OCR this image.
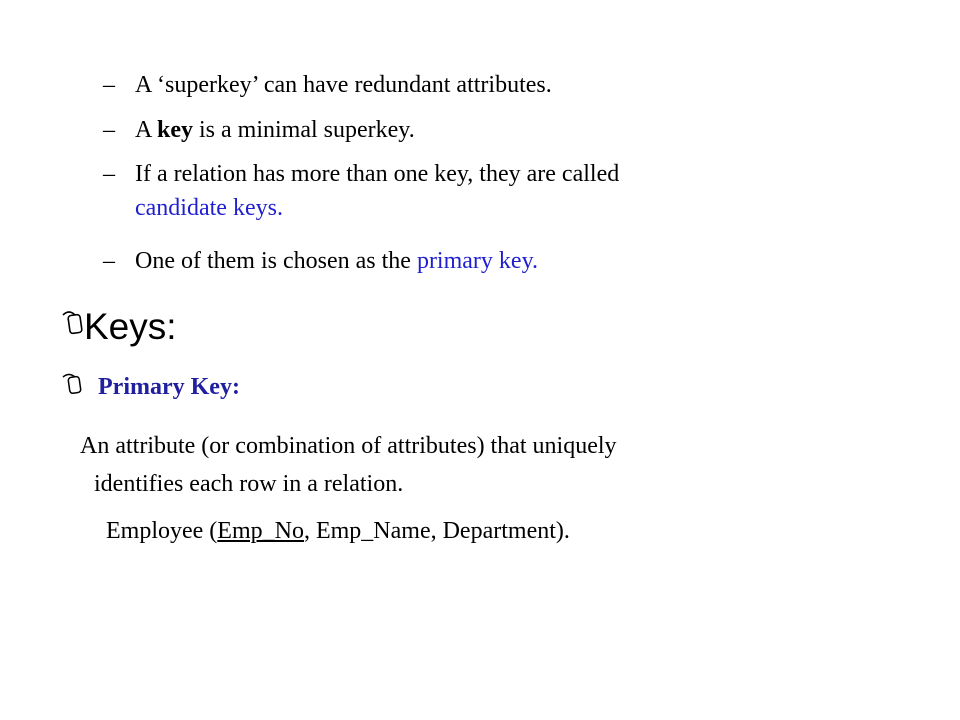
– A ‘superkey’ can have redundant attributes.
– A key is a minimal superkey.
– If a relation has more than one key, they are called
candidate keys.
– One of them is chosen as the primary key.
Keys:
Primary Key:
An attribute (or combination of attributes) that uniquely
identifies each row in a relation.
Employee (Emp_No, Emp_Name, Department).
